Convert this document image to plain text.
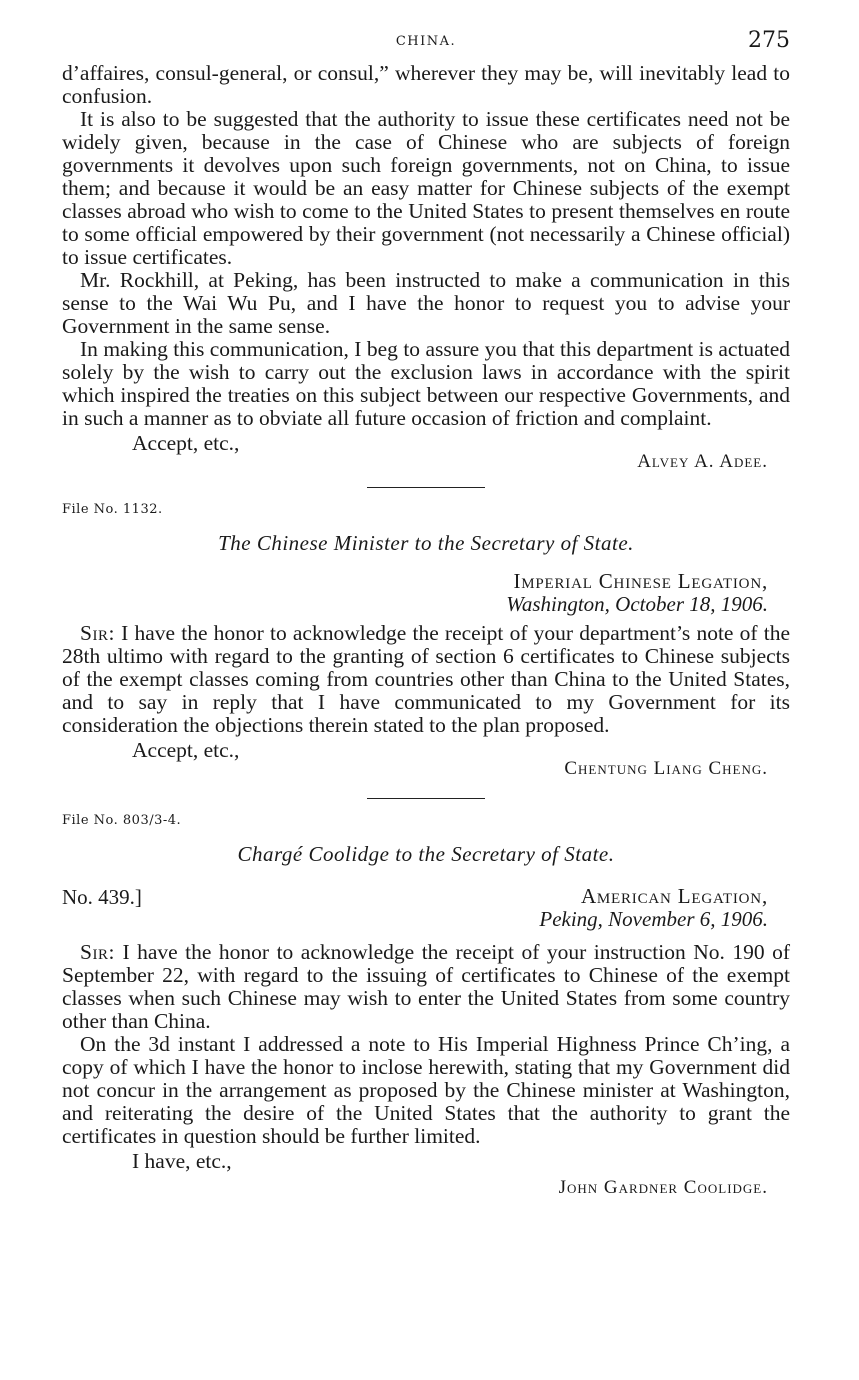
CHINA.	275

d’affaires, consul-general, or consul,” wherever they may be, will inevitably lead to confusion.

It is also to be suggested that the authority to issue these certificates need not be widely given, because in the case of Chinese who are subjects of foreign governments it devolves upon such foreign governments, not on China, to issue them; and because it would be an easy matter for Chinese subjects of the exempt classes abroad who wish to come to the United States to present themselves en route to some official empowered by their government (not necessarily a Chinese official) to issue certificates.

Mr. Rockhill, at Peking, has been instructed to make a communication in this sense to the Wai Wu Pu, and I have the honor to request you to advise your Government in the same sense.

In making this communication, I beg to assure you that this department is actuated solely by the wish to carry out the exclusion laws in accordance with the spirit which inspired the treaties on this subject between our respective Governments, and in such a manner as to obviate all future occasion of friction and complaint.

Accept, etc.,
Alvey A. Adee.
File No. 1132.
The Chinese Minister to the Secretary of State.
Imperial Chinese Legation,
Washington, October 18, 1906.

Sir: I have the honor to acknowledge the receipt of your department’s note of the 28th ultimo with regard to the granting of section 6 certificates to Chinese subjects of the exempt classes coming from countries other than China to the United States, and to say in reply that I have communicated to my Government for its consideration the objections therein stated to the plan proposed.

Accept, etc.,
Chentung Liang Cheng.
File No. 803/3-4.
Chargé Coolidge to the Secretary of State.
No. 439.]	American Legation,
Peking, November 6, 1906.

Sir: I have the honor to acknowledge the receipt of your instruction No. 190 of September 22, with regard to the issuing of certificates to Chinese of the exempt classes when such Chinese may wish to enter the United States from some country other than China.

On the 3d instant I addressed a note to His Imperial Highness Prince Ch’ing, a copy of which I have the honor to inclose herewith, stating that my Government did not concur in the arrangement as proposed by the Chinese minister at Washington, and reiterating the desire of the United States that the authority to grant the certificates in question should be further limited.

I have, etc.,
John Gardner Coolidge.
